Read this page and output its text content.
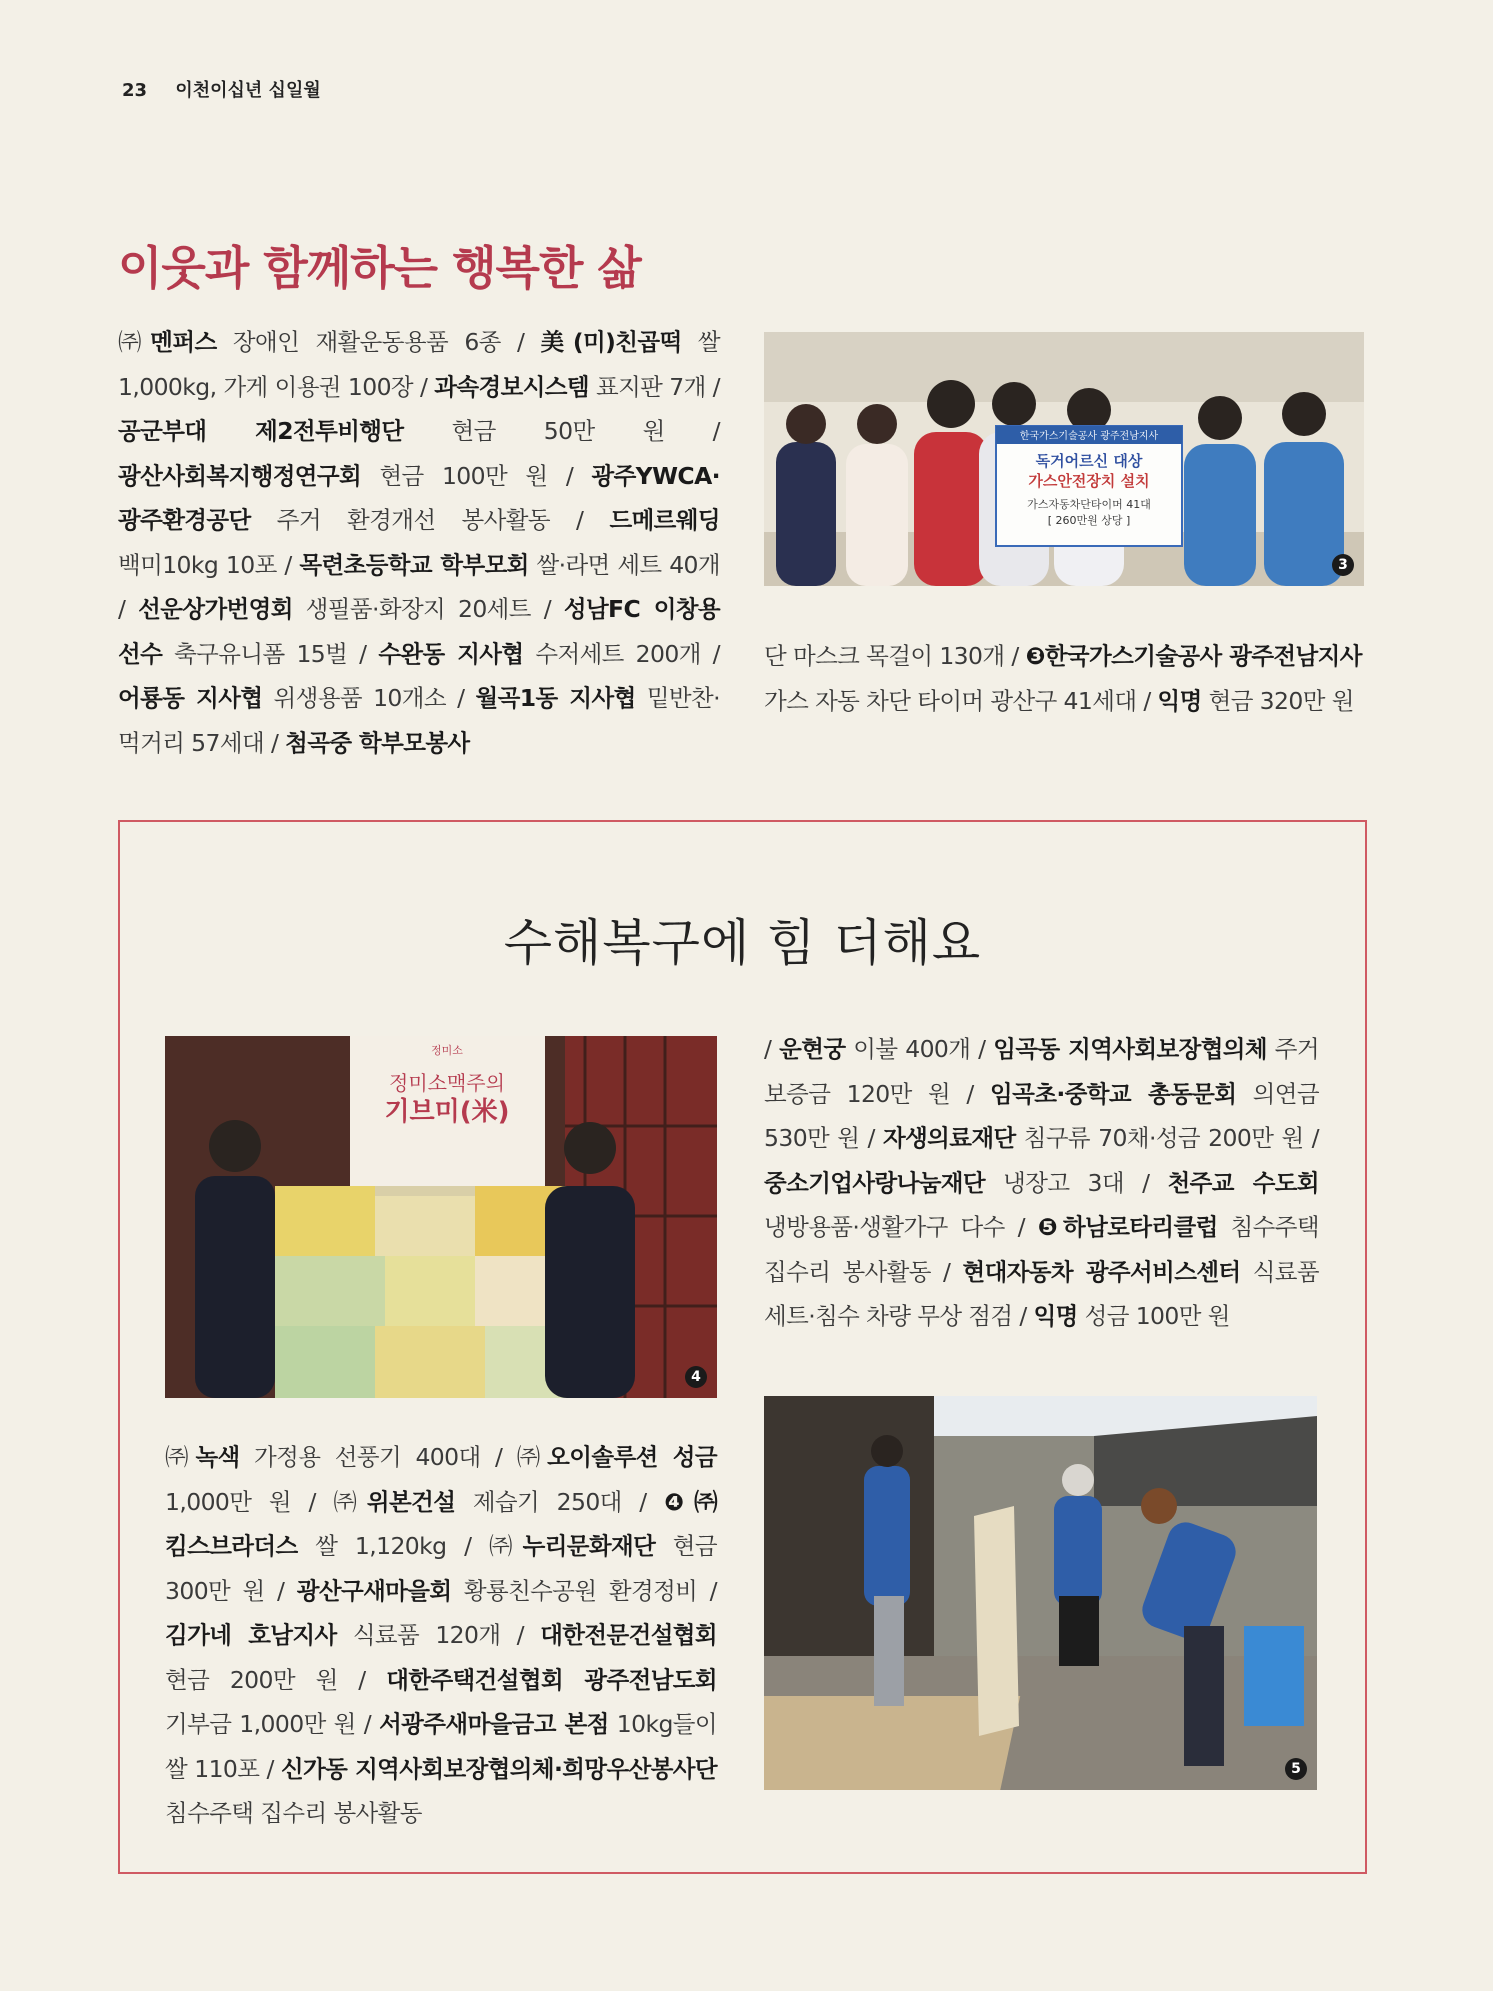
23 이천이십년 십일월
이웃과 함께하는 행복한 삶
㈜멘퍼스 장애인 재활운동용품 6종 / 美(미)친곱떡 쌀 1,000kg, 가게 이용권 100장 / 과속경보시스템 표지판 7개 / 공군부대 제2전투비행단 현금 50만 원 / 광산사회복지행정연구회 현금 100만 원 / 광주YWCA·광주환경공단 주거 환경개선 봉사활동 / 드메르웨딩 백미10kg 10포 / 목련초등학교 학부모회 쌀·라면 세트 40개 / 선운상가번영회 생필품·화장지 20세트 / 성남FC 이창용 선수 축구유니폼 15벌 / 수완동 지사협 수저세트 200개 / 어룡동 지사협 위생용품 10개소 / 월곡1동 지사협 밑반찬·먹거리 57세대 / 첨곡중 학부모봉사
한국가스기술공사 광주전남지사
독거어르신 대상
가스안전장치 설치
가스자동차단타이머 41대
[ 260만원 상당 ]
3
단 마스크 목걸이 130개 / ❸한국가스기술공사 광주전남지사 가스 자동 차단 타이머 광산구 41세대 / 익명 현금 320만 원
수해복구에 힘 더해요
정미소
정미소맥주의
기브미(米)
4
/ 운현궁 이불 400개 / 임곡동 지역사회보장협의체 주거 보증금 120만 원 / 임곡초·중학교 총동문회 의연금 530만 원 / 자생의료재단 침구류 70채·성금 200만 원 / 중소기업사랑나눔재단 냉장고 3대 / 천주교 수도회 냉방용품·생활가구 다수 / ❺하남로타리클럽 침수주택 집수리 봉사활동 / 현대자동차 광주서비스센터 식료품 세트·침수 차량 무상 점검 / 익명 성금 100만 원
㈜녹색 가정용 선풍기 400대 / ㈜오이솔루션 성금 1,000만 원 / ㈜위본건설 제습기 250대 / ❹㈜킴스브라더스 쌀 1,120kg / ㈜누리문화재단 현금 300만 원 / 광산구새마을회 황룡친수공원 환경정비 / 김가네 호남지사 식료품 120개 / 대한전문건설협회 현금 200만 원 / 대한주택건설협회 광주전남도회 기부금 1,000만 원 / 서광주새마을금고 본점 10kg들이 쌀 110포 / 신가동 지역사회보장협의체·희망우산봉사단 침수주택 집수리 봉사활동
5
